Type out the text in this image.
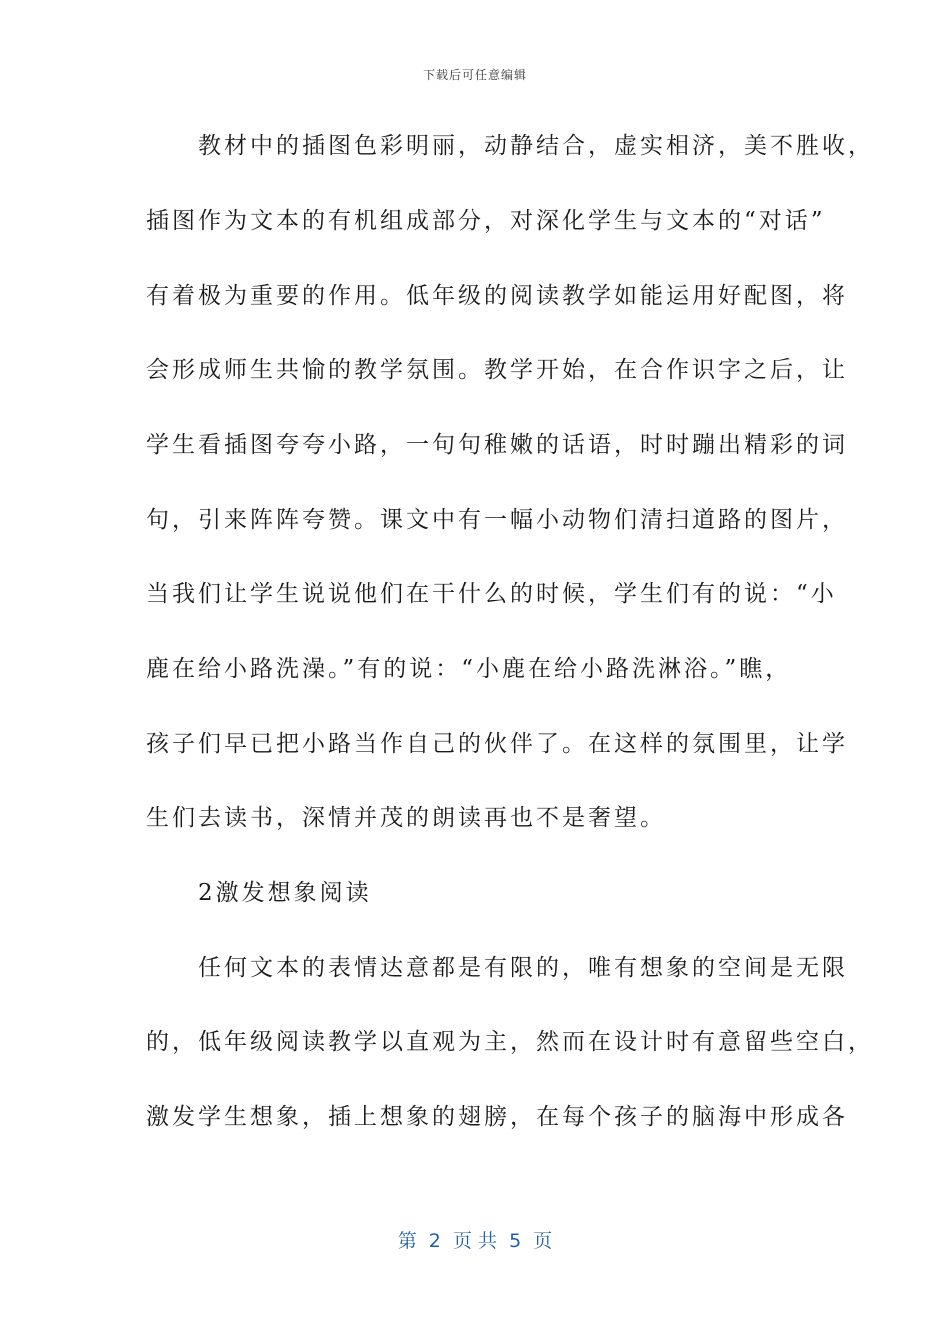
下载后可任意编辑
　　教材中的插图色彩明丽，动静结合，虚实相济，美不胜收，
插图作为文本的有机组成部分，对深化学生与文本的“对话”
有着极为重要的作用。低年级的阅读教学如能运用好配图，将
会形成师生共愉的教学氛围。教学开始，在合作识字之后，让
学生看插图夸夸小路，一句句稚嫩的话语，时时蹦出精彩的词
句，引来阵阵夸赞。课文中有一幅小动物们清扫道路的图片，
当我们让学生说说他们在干什么的时候，学生们有的说：“小
鹿在给小路洗澡。”有的说：“小鹿在给小路洗淋浴。”瞧，
孩子们早已把小路当作自己的伙伴了。在这样的氛围里，让学
生们去读书，深情并茂的朗读再也不是奢望。
　　2激发想象阅读
　　任何文本的表情达意都是有限的，唯有想象的空间是无限
的，低年级阅读教学以直观为主，然而在设计时有意留些空白，
激发学生想象，插上想象的翅膀，在每个孩子的脑海中形成各
第  2  页 共  5  页
